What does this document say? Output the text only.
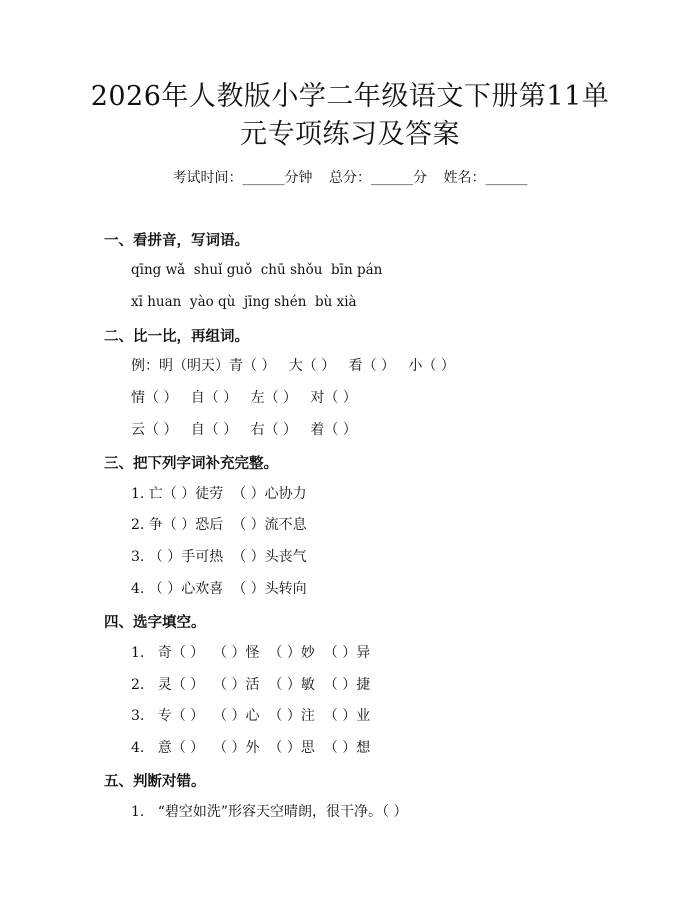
2026年人教版小学二年级语文下册第11单元专项练习及答案
考试时间：______分钟 总分：______分 姓名：______
一、看拼音，写词语。
qīng wǎ  shuǐ guǒ  chū shǒu  bīn pán
xī huan  yào qù  jīng shén  bù xià
二、比一比，再组词。
例：明（明天）青（ ）   大（ ）   看（ ）   小（ ）
情（ ）   自（ ）   左（ ）   对（ ）
云（ ）   自（ ）   右（ ）   着（ ）
三、把下列字词补充完整。
1. 亡（ ）徒劳  （ ）心协力
2. 争（ ）恐后  （ ）流不息
3. （ ）手可热  （ ）头丧气
4. （ ）心欢喜  （ ）头转向
四、选字填空。
1.   奇（ ）  （ ）怪  （ ）妙  （ ）异
2.   灵（ ）  （ ）活  （ ）敏  （ ）捷
3.   专（ ）  （ ）心  （ ）注  （ ）业
4.   意（ ）  （ ）外  （ ）思  （ ）想
五、判断对错。
1.   “碧空如洗”形容天空晴朗，很干净。（ ）
